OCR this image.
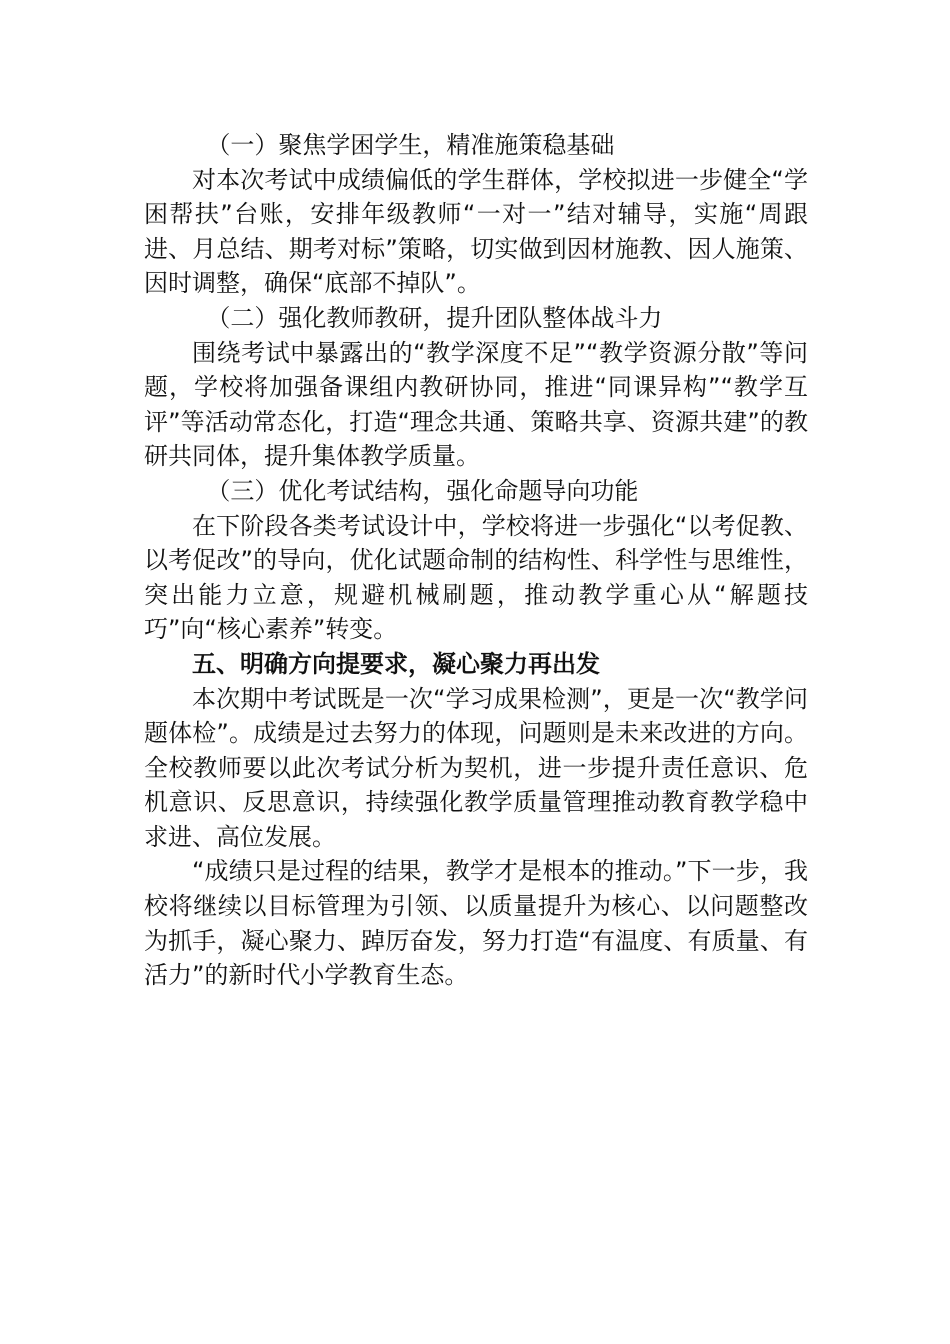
（一）聚焦学困学生，精准施策稳基础

对本次考试中成绩偏低的学生群体，学校拟进一步健全“学困帮扶”台账，安排年级教师“一对一”结对辅导，实施“周跟进、月总结、期考对标”策略，切实做到因材施教、因人施策、因时调整，确保“底部不掉队”。

（二）强化教师教研，提升团队整体战斗力

围绕考试中暴露出的“教学深度不足”“教学资源分散”等问题，学校将加强备课组内教研协同，推进“同课异构”“教学互评”等活动常态化，打造“理念共通、策略共享、资源共建”的教研共同体，提升集体教学质量。

（三）优化考试结构，强化命题导向功能

在下阶段各类考试设计中，学校将进一步强化“以考促教、以考促改”的导向，优化试题命制的结构性、科学性与思维性，突出能力立意，规避机械刷题，推动教学重心从“解题技巧”向“核心素养”转变。

五、明确方向提要求，凝心聚力再出发

本次期中考试既是一次“学习成果检测”，更是一次“教学问题体检”。成绩是过去努力的体现，问题则是未来改进的方向。全校教师要以此次考试分析为契机，进一步提升责任意识、危机意识、反思意识，持续强化教学质量管理推动教育教学稳中求进、高位发展。

“成绩只是过程的结果，教学才是根本的推动。”下一步，我校将继续以目标管理为引领、以质量提升为核心、以问题整改为抓手，凝心聚力、踔厉奋发，努力打造“有温度、有质量、有活力”的新时代小学教育生态。
